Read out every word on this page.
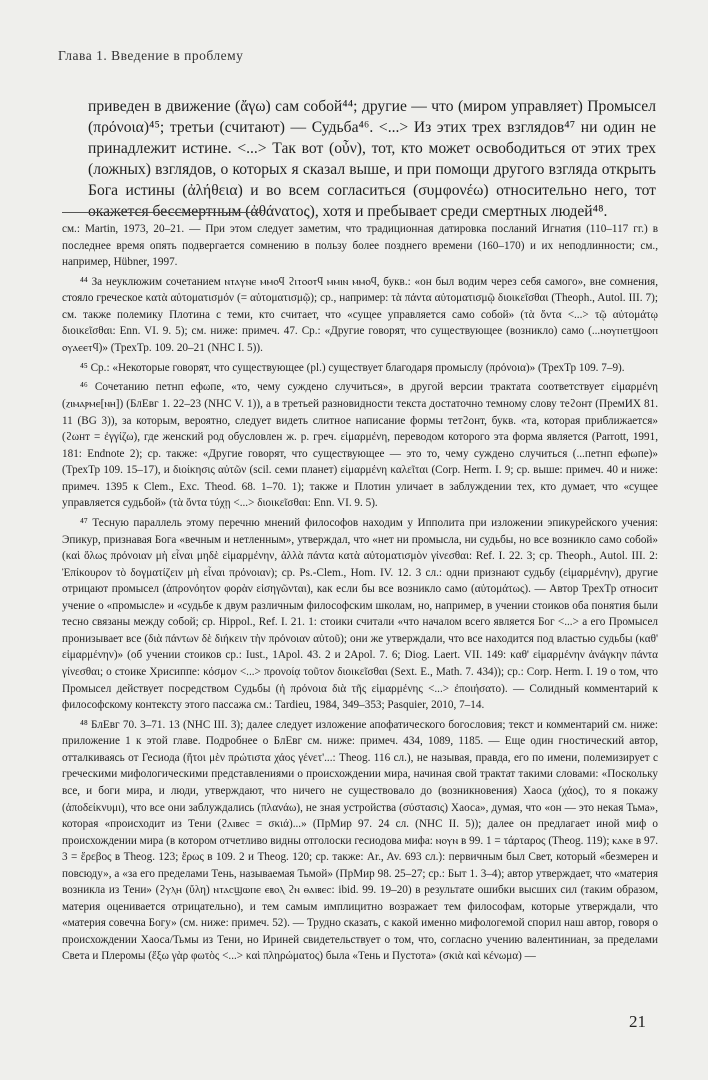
Глава 1. Введение в проблему

приведен в движение (ἄγω) сам собой⁴⁴; другие — что (миром управляет) Промысел (πρόνοια)⁴⁵; третьи (считают) — Судьба⁴⁶. <...> Из этих трех взглядов⁴⁷ ни один не принадлежит истине. <...> Так вот (οὖν), тот, кто может освободиться от этих трех (ложных) взглядов, о которых я сказал выше, и при помощи другого взгляда открыть Бога истины (ἀλήθεια) и во всем согласиться (συμφονέω) относительно него, тот окажется бессмертным (ἀθάνατος), хотя и пребывает среди смертных людей⁴⁸.

см.: Martin, 1973, 20–21. — При этом следует заметим, что традиционная датировка посланий Игнатия (110–117 гг.) в последнее время опять подвергается сомнению в пользу более позднего времени (160–170) и их неподлинности; см., например, Hübner, 1997.

⁴⁴ За неуклюжим сочетанием ⲛⲧⲁⲩⲛⲉ ⲙⲙⲟϥ ϩⲓⲧⲟⲟⲧϥ ⲙⲙⲓⲛ ⲙⲙⲟϥ, букв.: «он был водим через себя самого», вне сомнения, стояло греческое κατὰ αὐτοματισμόν (= αὐτοματισμῷ); ср., например: τὰ πάντα αὐτοματισμῷ διοικεῖσθαι (Theoph., Autol. III. 7); см. также полемику Плотина с теми, кто считает, что «сущее управляется само собой» (τὰ ὄντα <...> τῷ αὐτομάτῳ διοικεῖσθαι: Enn. VI. 9. 5); см. ниже: примеч. 47. Ср.: «Другие говорят, что существующее (возникло) само (...ⲛⲟⲩⲡⲉⲧϣⲟⲟⲡ ⲟⲩⲁⲉⲉⲧϥ)» (ТрехТр. 109. 20–21 (NHC I. 5)).

⁴⁵ Ср.: «Некоторые говорят, что существующее (pl.) существует благодаря промыслу (πρόνοια)» (ТрехТр 109. 7–9).

⁴⁶ Сочетанию петнп ефωпе, «то, чему суждено случиться», в другой версии трактата соответствует εἱμαρμένη (ⲍⲓⲙⲁⲣⲙⲉ[ⲛⲏ]) (БлЕвг 1. 22–23 (NHC V. 1)), а в третьей разновидности текста достаточно темному слову теϩонт (ПремИХ 81. 11 (BG 3)), за которым, вероятно, следует видеть слитное написание формы тетϩонт, букв. «та, которая приближается» (ϩωнт = ἐγγίζω), где женский род обусловлен ж. р. греч. εἱμαρμένη, переводом которого эта форма является (Parrott, 1991, 181: Endnote 2); ср. также: «Другие говорят, что существующее — это то, чему суждено случиться (...петнп ефωпе)» (ТрехТр 109. 15–17), и διοίκησις αὐτῶν (scil. семи планет) εἱμαρμένη καλεῖται (Corp. Herm. I. 9; ср. выше: примеч. 40 и ниже: примеч. 1395 к Clem., Exc. Theod. 68. 1–70. 1); также и Плотин уличает в заблуждении тех, кто думает, что «сущее управляется судьбой» (τὰ ὄντα τύχῃ <...> διοικεῖσθαι: Enn. VI. 9. 5).

⁴⁷ Тесную параллель этому перечню мнений философов находим у Ипполита при изложении эпикурейского учения: Эпикур, признавая Бога «вечным и нетленным», утверждал, что «нет ни промысла, ни судьбы, но все возникло само собой» (καὶ ὅλως πρόνοιαν μὴ εἶναι μηδὲ εἱμαρμένην, ἀλλὰ πάντα κατὰ αὐτοματισμὸν γίνεσθαι: Ref. I. 22. 3; ср. Theoph., Autol. III. 2: Ἐπίκουρον τὸ δογματίζειν μὴ εἶναι πρόνοιαν); ср. Ps.-Clem., Hom. IV. 12. 3 сл.: одни признают судьбу (εἱμαρμένην), другие отрицают промысел (ἀπρονόητον φορὰν εἰσηγῶνται), как если бы все возникло само (αὐτομάτως). — Автор ТрехТр относит учение о «промысле» и «судьбе к двум различным философским школам, но, например, в учении стоиков оба понятия были тесно связаны между собой; ср. Hippol., Ref. I. 21. 1: стоики считали «что началом всего является Бог <...> а его Промысел пронизывает все (διὰ πάντων δὲ διήκειν τὴν πρόνοιαν αὐτοῦ); они же утверждали, что все находится под властью судьбы (καθ' εἱμαρμένην)» (об учении стоиков ср.: Iust., 1Apol. 43. 2 и 2Apol. 7. 6; Diog. Laert. VII. 149: καθ' εἱμαρμένην ἀνάγκην πάντα γίνεσθαι; о стоике Хрисиппе: κόσμον <...> προνοίᾳ τοῦτον διοικεῖσθαι (Sext. E., Math. 7. 434)); ср.: Corp. Herm. I. 19 о том, что Промысел действует посредством Судьбы (ἡ πρόνοια διὰ τῆς εἱμαρμένης <...> ἐποιήσατο). — Солидный комментарий к философскому контексту этого пассажа см.: Tardieu, 1984, 349–353; Pasquier, 2010, 7–14.

⁴⁸ БлЕвг 70. 3–71. 13 (NHC III. 3); далее следует изложение апофатического богословия; текст и комментарий см. ниже: приложение 1 к этой главе. Подробнее о БлЕвг см. ниже: примеч. 434, 1089, 1185. — Еще один гностический автор, отталкиваясь от Гесиода (ἤτοι μὲν πρώτιστα χάος γένετ'...: Theog. 116 сл.), не называя, правда, его по имени, полемизирует с греческими мифологическими представлениями о происхождении мира, начиная свой трактат такими словами: «Поскольку все, и боги мира, и люди, утверждают, что ничего не существовало до (возникновения) Хаоса (χάος), то я покажу (ἀποδείκνυμι), что все они заблуждались (πλανάω), не зная устройства (σύστασις) Хаоса», думая, что «он — это некая Тьма», которая «происходит из Тени (ϩⲁⲓⲃⲉⲥ = σκιά)...» (ПрМир 97. 24 сл. (NHC II. 5)); далее он предлагает иной миф о происхождении мира (в котором отчетливо видны отголоски гесиодова мифа: ⲛⲟⲩⲛ в 99. 1 = τάρταρος (Theog. 119); ⲕⲁⲕⲉ в 97. 3 = ἔρεβος в Theog. 123; ἔρως в 109. 2 и Theog. 120; ср. также: Ar., Av. 693 сл.): первичным был Свет, который «безмерен и повсюду», а «за его пределами Тень, называемая Тьмой» (ПрМир 98. 25–27; ср.: Быт 1. 3–4); автор утверждает, что «материя возникла из Тени» (ϩⲩⲗⲏ (ὕλη) ⲛⲧⲁⲥϣⲱⲡⲉ ⲉⲃⲟⲗ ϩⲛ ⲑⲁⲓⲃⲉⲥ: ibid. 99. 19–20) в результате ошибки высших сил (таким образом, материя оценивается отрицательно), и тем самым имплицитно возражает тем философам, которые утверждали, что «материя совечна Богу» (см. ниже: примеч. 52). — Трудно сказать, с какой именно мифологемой спорил наш автор, говоря о происхождении Хаоса/Тьмы из Тени, но Ириней свидетельствует о том, что, согласно учению валентиниан, за пределами Света и Плеромы (ἔξω γὰρ φωτὸς <...> καὶ πληρώματος) была «Тень и Пустота» (σκιὰ καὶ κένωμα) —

21
